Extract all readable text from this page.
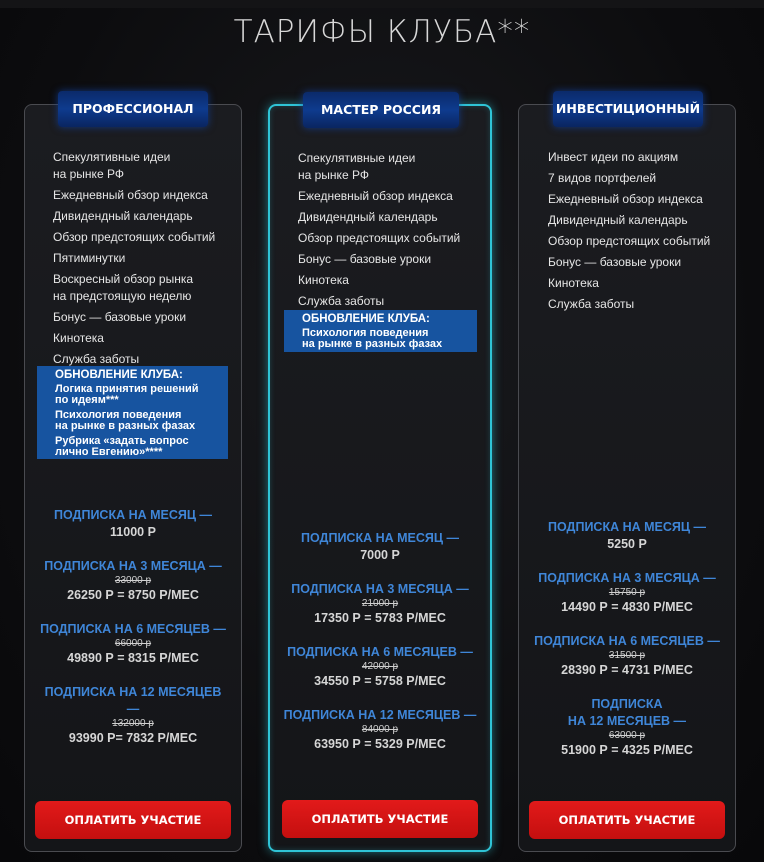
ТАРИФЫ КЛУБА**
ПРОФЕССИОНАЛ
Спекулятивные идеи
на рынке РФ
Ежедневный обзор индекса
Дивидендный календарь
Обзор предстоящих событий
Пятиминутки
Воскресный обзор рынка
на предстоящую неделю
Бонус — базовые уроки
Кинотека
Служба заботы
ОБНОВЛЕНИЕ КЛУБА:
Логика принятия решений
по идеям***
Психология поведения
на рынке в разных фазах
Рубрика «задать вопрос
лично Евгению»****
ПОДПИСКА НА МЕСЯЦ —
11000 Р
ПОДПИСКА НА 3 МЕСЯЦА —
33000 р
26250 Р = 8750 Р/МЕС
ПОДПИСКА НА 6 МЕСЯЦЕВ —
66000 р
49890 Р = 8315 Р/МЕС
ПОДПИСКА НА 12 МЕСЯЦЕВ
—
132000 р
93990 Р= 7832 Р/МЕС
ОПЛАТИТЬ УЧАСТИЕ
МАСТЕР РОССИЯ
Спекулятивные идеи
на рынке РФ
Ежедневный обзор индекса
Дивидендный календарь
Обзор предстоящих событий
Бонус — базовые уроки
Кинотека
Служба заботы
ОБНОВЛЕНИЕ КЛУБА:
Психология поведения
на рынке в разных фазах
ПОДПИСКА НА МЕСЯЦ —
7000 Р
ПОДПИСКА НА 3 МЕСЯЦА —
21000 р
17350 Р = 5783 Р/МЕС
ПОДПИСКА НА 6 МЕСЯЦЕВ —
42000 р
34550 Р = 5758 Р/МЕС
ПОДПИСКА НА 12 МЕСЯЦЕВ —
84000 р
63950 Р = 5329 Р/МЕС
ОПЛАТИТЬ УЧАСТИЕ
ИНВЕСТИЦИОННЫЙ
Инвест идеи по акциям
7 видов портфелей
Ежедневный обзор индекса
Дивидендный календарь
Обзор предстоящих событий
Бонус — базовые уроки
Кинотека
Служба заботы
ПОДПИСКА НА МЕСЯЦ —
5250 Р
ПОДПИСКА НА 3 МЕСЯЦА —
15750 р
14490 Р = 4830 Р/МЕС
ПОДПИСКА НА 6 МЕСЯЦЕВ —
31500 р
28390 Р = 4731 Р/МЕС
ПОДПИСКА
НА 12 МЕСЯЦЕВ —
63000 р
51900 Р = 4325 Р/МЕС
ОПЛАТИТЬ УЧАСТИЕ
